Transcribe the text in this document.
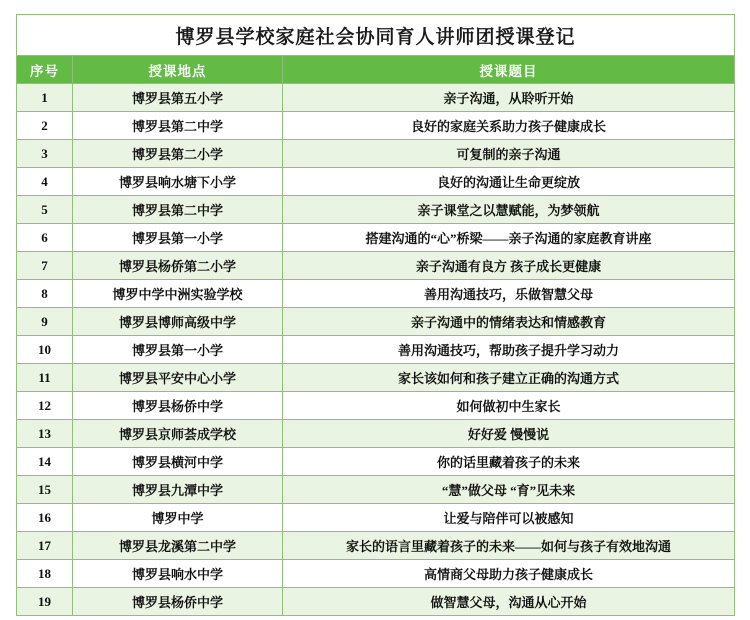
博罗县学校家庭社会协同育人讲师团授课登记		
序号	授课地点	授课题目

1	博罗县第五小学	亲子沟通，从聆听开始

2	博罗县第二中学	良好的家庭关系助力孩子健康成长

3	博罗县第二小学	可复制的亲子沟通

4	博罗县响水塘下小学	良好的沟通让生命更绽放

5	博罗县第二中学	亲子课堂之以慧赋能，为梦领航

6	博罗县第一小学	搭建沟通的“心”桥梁——亲子沟通的家庭教育讲座

7	博罗县杨侨第二小学	亲子沟通有良方 孩子成长更健康

8	博罗中学中洲实验学校	善用沟通技巧，乐做智慧父母

9	博罗县博师高级中学	亲子沟通中的情绪表达和情感教育

10	博罗县第一小学	善用沟通技巧，帮助孩子提升学习动力

11	博罗县平安中心小学	家长该如何和孩子建立正确的沟通方式

12	博罗县杨侨中学	如何做初中生家长

13	博罗县京师荟成学校	好好爱 慢慢说

14	博罗县横河中学	你的话里藏着孩子的未来

15	博罗县九潭中学	“慧”做父母 “育”见未来

16	博罗中学	让爱与陪伴可以被感知

17	博罗县龙溪第二中学	家长的语言里藏着孩子的未来——如何与孩子有效地沟通

18	博罗县响水中学	高情商父母助力孩子健康成长

19	博罗县杨侨中学	做智慧父母，沟通从心开始
